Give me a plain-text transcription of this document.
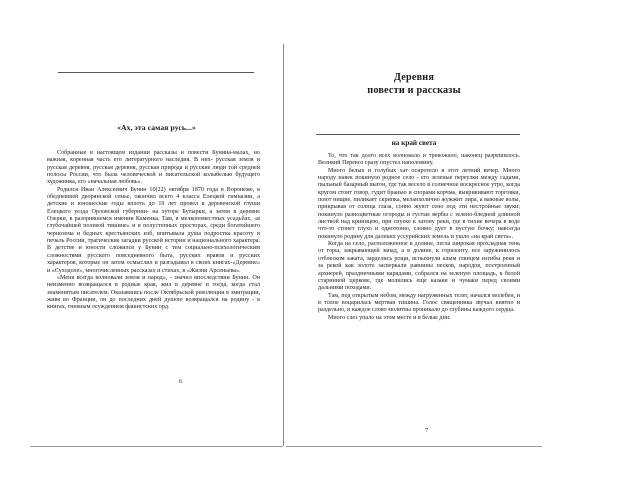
«Ах, эта самая русь...»

Собранные в настоящем издании рассказы и повести Бунина-малах, но важная, коренная часть его литературного наследия. В них- русская земля и русская деревня, русская деревня, русская природа и русские люди той средней полосы России, что была человеческой и писательской колыбелью будущего художника, его «начальная любовь».

Родился Иван Алексеевич Бунин 10(22) октября 1870 года в Воронеже, в обедневшей дворянской семье, окончил всего 4 класса Елецкой гимназии, а детские и юношеские годы вплоть до 19 лет провел в деревенской глуши Елецкого уезда Орловской губернии- на хуторе Бутырки, а затем в деревне Озерки, в разорившемся имении Каменка. Там, в мелкопоместных усадьбах, «в глубочайшей полевой тишине» и в полустепных просторах, среди богатейшего чернозема и бедных крестьянских изб, впитывала душа подростка красоту и печаль России, трагические загадки русской истории и национального характера. В детстве и юности сложился у Бунин с тем социально-психологическим сложностями русского повседневного быта, русских нравов и русских характеров, которые он затем осмыслил и разгадывал в своих книгах-«Деревне» и «Суходоле», многочисленных рассказах и стихах, в «Жизни Арсеньева».

«Меня всегда волновали земля и народ», - значил впоследствии Бунин. Он неизменно возвращался в родные края, жил в деревне и тогда, когда стал знаменитым писателем. Оказавшись после Октябрьской революции в эмиграции, живя во Франции, он до последних дней душою возвращался на родину - в книгах, гневным осуждением фашистских орд.

6
Деревня
повести и рассказы
на край света

То, что так долго всех волновало и тревожило, наконец разрешилось. Великий Перевоз сразу опустел наполовину.

Много белых и голубых хат осиротело в этот летний вечер. Много народу навек покинуло родное село - его зеленые переулки между садами, пыльный базарный выгон, где так весело в солнечное воскресное утро, когда кругом стоит говор, гудит бранью и спорами корчма, выкрикивают торговки, поют нищие, пиликает скрипка, меланхолично жужжит лира, а важные волы, прикрывая от солнца глаза, сонно жуют сено под эти нестройные звуки; покинуло разноцветные огороды и густые вербы с зелено-бледной длинной листвой над криницею, при спуске к затону реки, где в тихие вечера в воде что-то стонет глухо и однотонно, словно дует в пустую бочку; навсегда покинуло родину для далеких уссурийских земель и ушло «на край света».

Когда на село, расположенное в долине, легла широкая прохладная тень от горы, закрывающей запад, а в долине, к горизонту, все заружинилось отблеском заката, зарделись рощи, вспыхнули алым глянцем изгибы реки и за рекой как золото засверкали равнины песков, народов, построенный архиерей, праздничными нарядами, собрался на зеленую площадь, к белой старинной церкове, где молились еще казаки и чумаки перед своими дальними походами.

Там, под открытым небом, между нагруженных телег, начался молебен, и в толпе воцарилась мертвая тишина. Голос священника звучал внятно и раздельно, и каждое слово молитвы проникало до глубины каждого сердца.

Много слез упало на этом месте и в белые дни.

7
